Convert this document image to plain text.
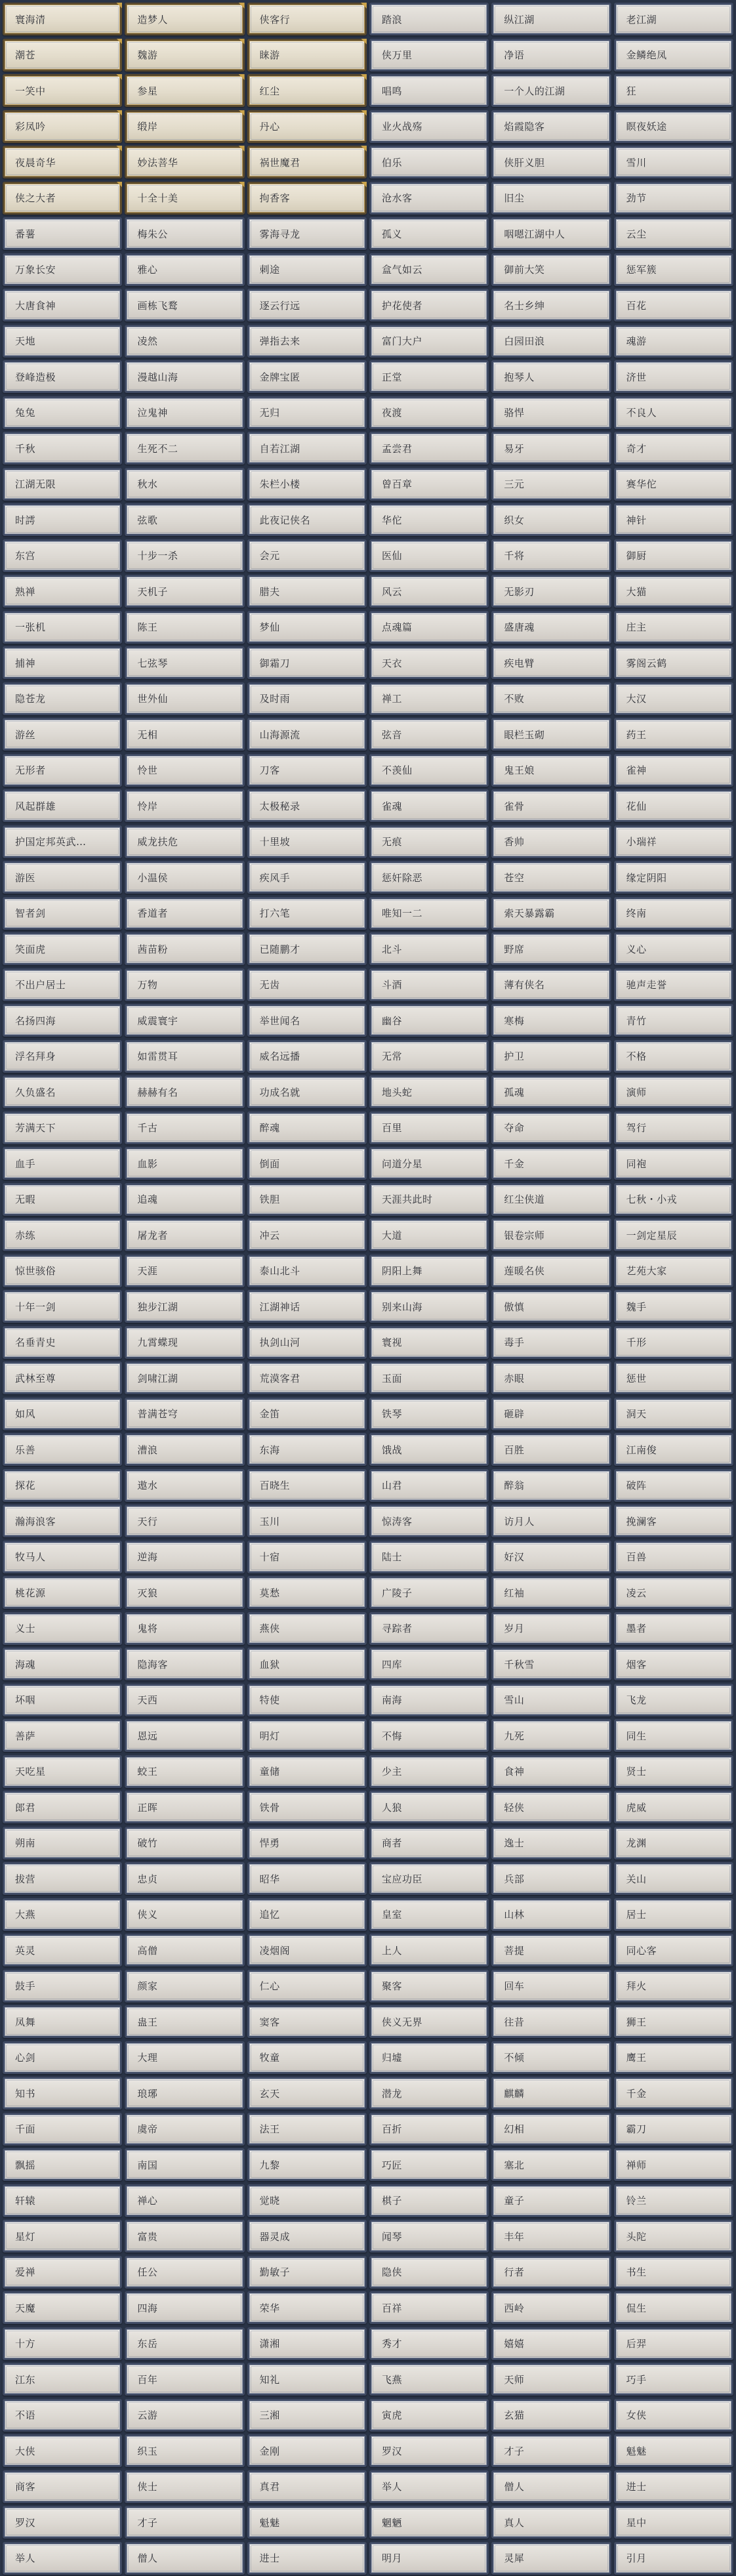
寰海清	造梦人	侠客行	踏浪	纵江湖	老江湖
潮苍	魏游	睐游	侠万里	净语	金鳞绝凤
一笑中	参星	红尘	唱鸣	一个人的江湖	狂
彩凤吟	缎岸	丹心	业火战殇	焰霞隐客	瞑夜妖途
夜晨奇华	妙法菩华	祸世魔君	伯乐	侠肝义胆	雪川
侠之大者	十全十美	拘香客	沧水客	旧尘	劲节
番薯	梅朱公	雾海寻龙	孤义	咽嗯江湖中人	云尘
万象长安	雅心	刺途	盒气如云	御前大笑	惩军簇
大唐食神	画栋飞鹜	逐云行远	护花使者	名士乡绅	百花
天地	凌然	弹指去来	富门大户	白园田浪	魂游
登峰造极	漫越山海	金牌宝匿	正堂	抱琴人	济世
兔兔	泣鬼神	无归	夜渡	骆悍	不良人
千秋	生死不二	自若江湖	孟尝君	易牙	奇才
江湖无限	秋水	朱栏小楼	曾百章	三元	赛华佗
时謣	弦歌	此夜记侠名	华佗	织女	神针
东宫	十步一杀	会元	医仙	千将	御厨
熟禅	天机子	腊夫	风云	无影刃	大猫
一张机	陈王	梦仙	点魂篇	盛唐魂	庄主
捕神	七弦琴	御霜刀	天衣	疾电臂	雾阁云鹤
隐苍龙	世外仙	及时雨	禅工	不败	大汉
游丝	无相	山海源流	弦音	眼栏玉砌	药王
无形者	怜世	刀客	不羡仙	鬼王娘	雀神
风起群雄	怜岸	太极秘录	雀魂	雀骨	花仙
护国定邦英武…	威龙扶危	十里坡	无痕	香帅	小瑞祥
游医	小温侯	疾风手	惩奸除恶	苍空	缘定阴阳
智者剑	香道者	打六笔	唯知一二	索天暴露霸	终南
笑面虎	茜苗粉	已随鹏才	北斗	野席	义心
不出户居士	万物	无齿	斗酒	薄有侠名	驰声走誉
名扬四海	威震寰宇	举世闻名	幽谷	寒梅	青竹
浮名拜身	如雷贯耳	威名远播	无常	护卫	不格
久负盛名	赫赫有名	功成名就	地头蛇	孤魂	演师
芳满天下	千古	醉魂	百里	夺命	驾行
血手	血影	倒面	问道分星	千金	同袍
无暇	追魂	铁胆	天涯共此时	红尘侠道	七秋・小戎
赤练	屠龙者	冲云	大道	银卷宗师	一剑定星辰
惊世骇俗	天涯	泰山北斗	阴阳上舞	莲暖名侠	艺苑大家
十年一剑	独步江湖	江湖神话	别来山海	傲慎	魏手
名垂青史	九霄蝶现	执剑山河	寰视	毒手	千形
武林至尊	剑啸江湖	荒漠客君	玉面	赤眼	惩世
如风	普满苍穹	金笛	铁琴	砸辟	洞天
乐善	漕浪	东海	饿战	百胜	江南俊
探花	遨水	百晓生	山君	醉翁	破阵
瀚海浪客	天行	玉川	惊涛客	访月人	挽澜客
牧马人	逆海	十宿	陆士	好汉	百兽
桃花源	灭狼	莫愁	广陵子	红袖	凌云
义士	鬼将	燕侠	寻踪者	岁月	墨者
海魂	隐海客	血狱	四库	千秋雪	烟客
坏咽	天西	特使	南海	雪山	飞龙
善萨	恩远	明灯	不悔	九死	同生
天吃星	蛟王	童储	少主	食神	贤士
郎君	正晖	铁骨	人狼	轻侠	虎威
朔南	破竹	悍勇	商者	逸士	龙渊
拔营	忠贞	昭华	宝应功臣	兵部	关山
大燕	侠义	追忆	皇室	山林	居士
英灵	高僧	凌烟阁	上人	菩提	同心客
鼓手	颜家	仁心	聚客	回车	拜火
凤舞	蛊王	窦客	侠义无界	往昔	狮王
心剑	大理	牧童	归墟	不倾	鹰王
知书	琅琊	玄天	潜龙	麒麟	千金
千面	虞帝	法王	百折	幻相	霸刀
飘摇	南国	九黎	巧匠	塞北	禅师
轩辕	禅心	觉晓	棋子	童子	铃兰
星灯	富贵	器灵成	闻琴	丰年	头陀
爱禅	任公	勤敏子	隐侠	行者	书生
天魔	四海	荣华	百祥	西岭	侃生
十方	东岳	潇湘	秀才	嬉嬉	后羿
江东	百年	知礼	飞燕	天师	巧手
不语	云游	三湘	寅虎	玄猫	女侠
大侠	织玉	金刚	罗汉	才子	魁魅
商客	侠士	真君	举人	僧人	进士
罗汉	才子	魁魅	魍魉	真人	星中
举人	僧人	进士	明月	灵犀	引月
